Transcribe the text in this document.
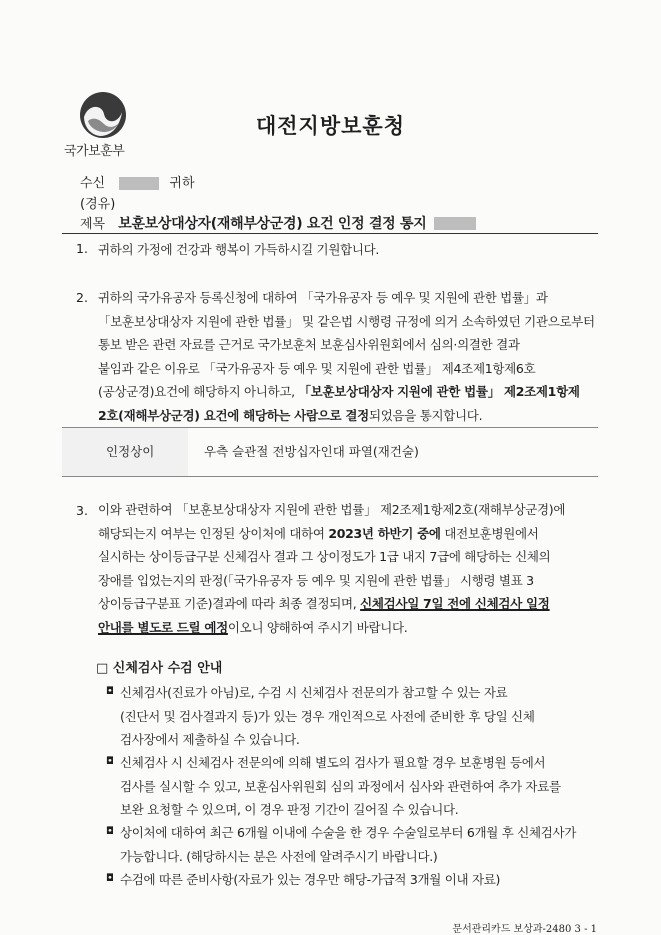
국가보훈부
대전지방보훈청
수신	귀하
(경유)
제목 보훈보상대상자(재해부상군경) 요건 인정 결정 통지
1. 귀하의 가정에 건강과 행복이 가득하시길 기원합니다.
2. 귀하의 국가유공자 등록신청에 대하여 「국가유공자 등 예우 및 지원에 관한 법률」과
「보훈보상대상자 지원에 관한 법률」 및 같은법 시행령 규정에 의거 소속하였던 기관으로부터
통보 받은 관련 자료를 근거로 국가보훈처 보훈심사위원회에서 심의·의결한 결과
붙임과 같은 이유로 「국가유공자 등 예우 및 지원에 관한 법률」 제4조제1항제6호
(공상군경)요건에 해당하지 아니하고, 「보훈보상대상자 지원에 관한 법률」 제2조제1항제
2호(재해부상군경) 요건에 해당하는 사람으로 결정되었음을 통지합니다.
인정상이	우측 슬관절 전방십자인대 파열(재건술)
3. 이와 관련하여 「보훈보상대상자 지원에 관한 법률」 제2조제1항제2호(재해부상군경)에
해당되는지 여부는 인정된 상이처에 대하여 2023년 하반기 중에 대전보훈병원에서
실시하는 상이등급구분 신체검사 결과 그 상이정도가 1급 내지 7급에 해당하는 신체의
장애를 입었는지의 판정(「국가유공자 등 예우 및 지원에 관한 법률」 시행령 별표 3
상이등급구분표 기준)결과에 따라 최종 결정되며, 신체검사일 7일 전에 신체검사 일정
안내를 별도로 드릴 예정이오니 양해하여 주시기 바랍니다.
□ 신체검사 수검 안내
◘ 신체검사(진료가 아님)로, 수검 시 신체검사 전문의가 참고할 수 있는 자료
(진단서 및 검사결과지 등)가 있는 경우 개인적으로 사전에 준비한 후 당일 신체
검사장에서 제출하실 수 있습니다.
◘ 신체검사 시 신체검사 전문의에 의해 별도의 검사가 필요할 경우 보훈병원 등에서
검사를 실시할 수 있고, 보훈심사위원회 심의 과정에서 심사와 관련하여 추가 자료를
보완 요청할 수 있으며, 이 경우 판정 기간이 길어질 수 있습니다.
◘ 상이처에 대하여 최근 6개월 이내에 수술을 한 경우 수술일로부터 6개월 후 신체검사가
가능합니다. (해당하시는 분은 사전에 알려주시기 바랍니다.)
◘ 수검에 따른 준비사항(자료가 있는 경우만 해당-가급적 3개월 이내 자료)
문서관리카드 보상과-2480 3 - 1
